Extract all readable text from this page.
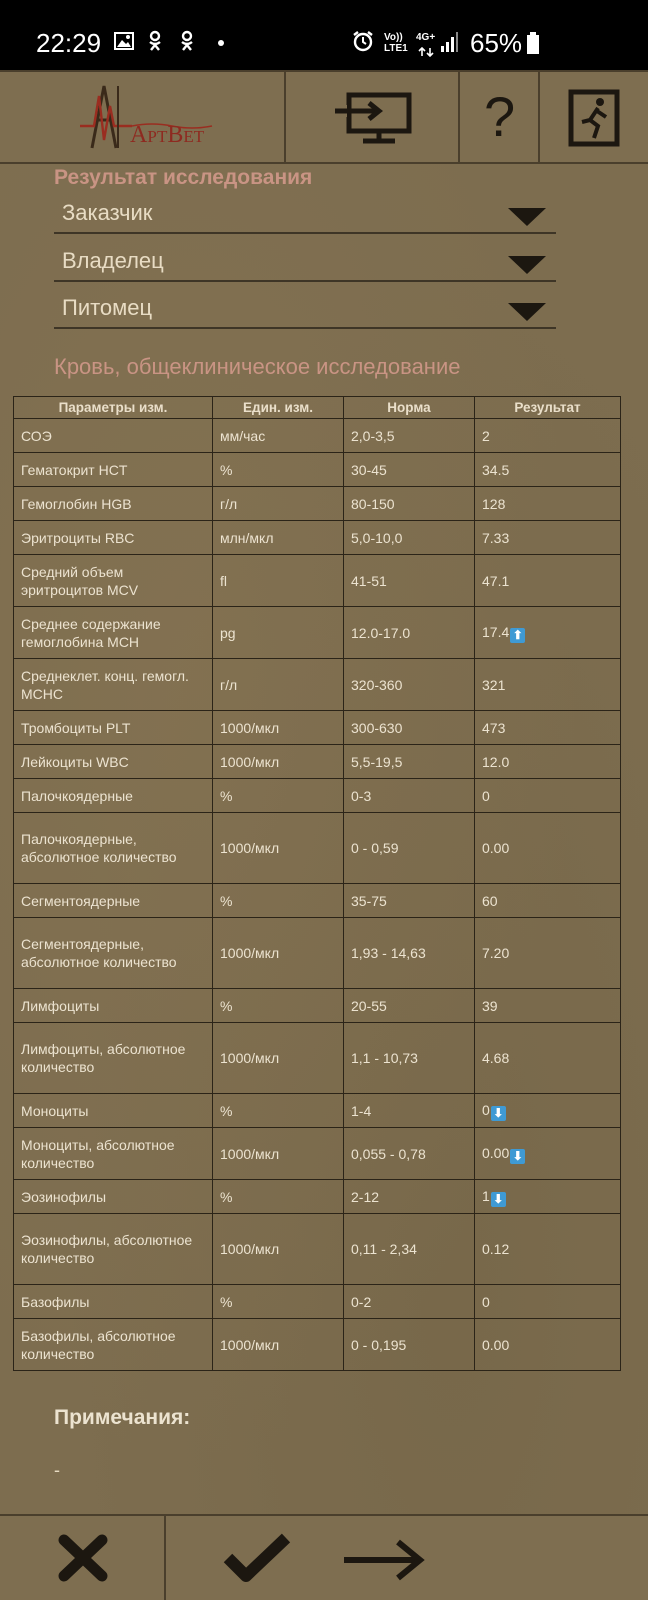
22:29	Vo))
LTE1
4G+ 65%
АртВет	?
Результат исследования
Заказчик
Владелец
Питомец
Кровь, общеклиническое исследование
Параметры изм.	Един. изм.	Норма	Результат
СОЭ	мм/час	2,0-3,5	2
Гематокрит HCT	%	30-45	34.5
Гемоглобин HGB	г/л	80-150	128
Эритроциты RBC	млн/мкл	5,0-10,0	7.33
Средний объем эритроцитов MCV	fl	41-51	47.1
Среднее содержание гемоглобина MCH	pg	12.0-17.0	17.4 ⬆
Среднеклет. конц. гемогл. MCHC	г/л	320-360	321
Тромбоциты PLT	1000/мкл	300-630	473
Лейкоциты WBC	1000/мкл	5,5-19,5	12.0
Палочкоядерные	%	0-3	0
Палочкоядерные, абсолютное количество	1000/мкл	0 - 0,59	0.00
Сегментоядерные	%	35-75	60
Сегментоядерные, абсолютное количество	1000/мкл	1,93 - 14,63	7.20
Лимфоциты	%	20-55	39
Лимфоциты, абсолютное количество	1000/мкл	1,1 - 10,73	4.68
Моноциты	%	1-4	0 ⬇
Моноциты, абсолютное количество	1000/мкл	0,055 - 0,78	0.00 ⬇
Эозинофилы	%	2-12	1 ⬇
Эозинофилы, абсолютное количество	1000/мкл	0,11 - 2,34	0.12
Базофилы	%	0-2	0
Базофилы, абсолютное количество	1000/мкл	0 - 0,195	0.00
Примечания:
-
